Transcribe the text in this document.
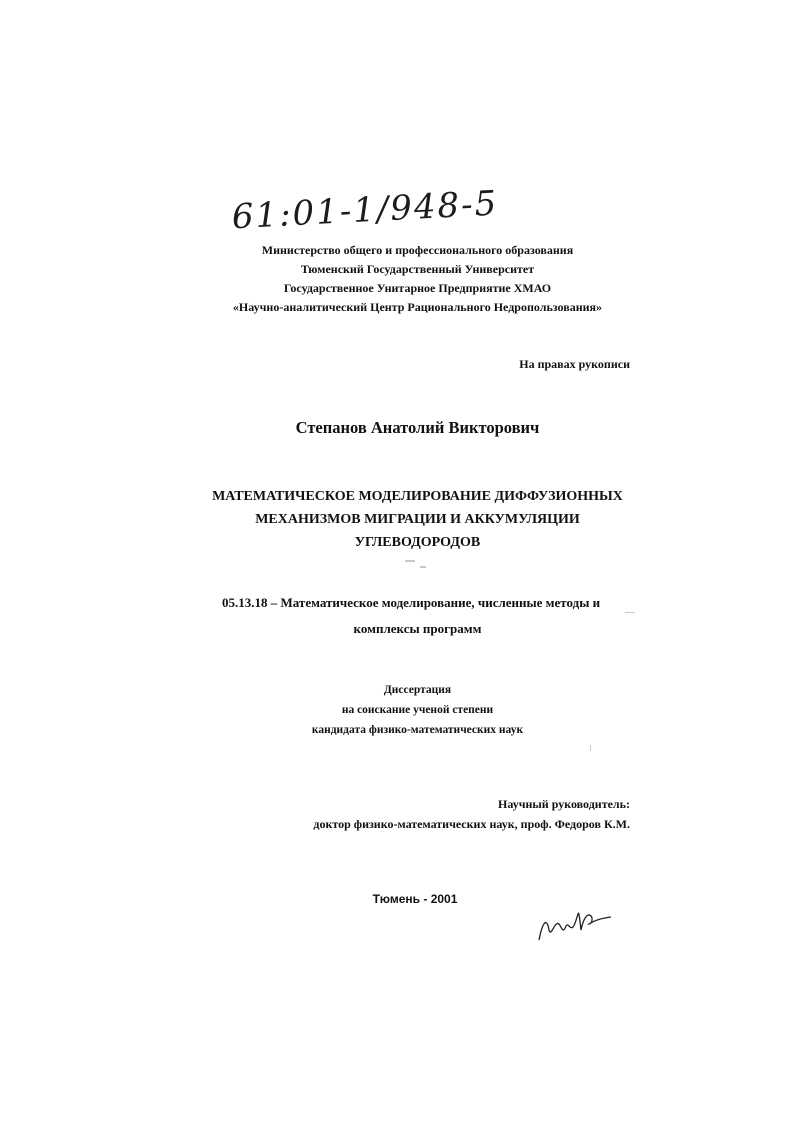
61:01-1/948-5
Министерство общего и профессионального образования
Тюменский Государственный Университет
Государственное Унитарное Предприятие ХМАО
«Научно-аналитический Центр Рационального Недропользования»
На правах рукописи
Степанов Анатолий Викторович
МАТЕМАТИЧЕСКОЕ МОДЕЛИРОВАНИЕ ДИФФУЗИОННЫХ
МЕХАНИЗМОВ МИГРАЦИИ И АККУМУЛЯЦИИ
УГЛЕВОДОРОДОВ
05.13.18 – Математическое моделирование, численные методы и
комплексы программ
Диссертация
на соискание ученой степени
кандидата физико-математических наук
Научный руководитель:
доктор физико-математических наук, проф. Федоров К.М.
Тюмень - 2001
